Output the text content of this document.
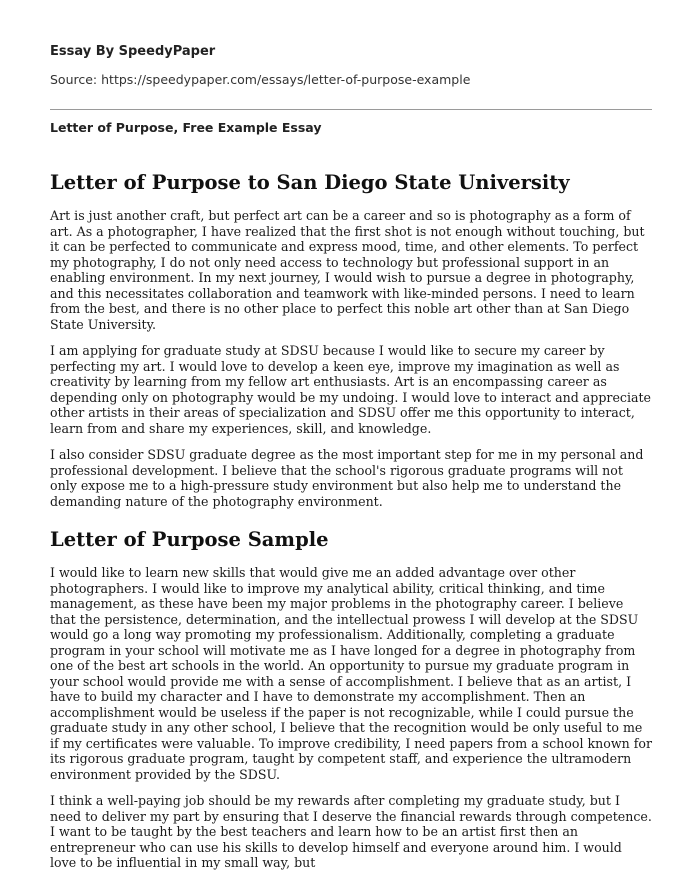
Essay By SpeedyPaper

Source: https://speedypaper.com/essays/letter-of-purpose-example

Letter of Purpose, Free Example Essay

Letter of Purpose to San Diego State University

Art is just another craft, but perfect art can be a career and so is photography as a form of art. As a photographer, I have realized that the first shot is not enough without touching, but it can be perfected to communicate and express mood, time, and other elements. To perfect my photography, I do not only need access to technology but professional support in an enabling environment. In my next journey, I would wish to pursue a degree in photography, and this necessitates collaboration and teamwork with like-minded persons. I need to learn from the best, and there is no other place to perfect this noble art other than at San Diego State University.

I am applying for graduate study at SDSU because I would like to secure my career by perfecting my art. I would love to develop a keen eye, improve my imagination as well as creativity by learning from my fellow art enthusiasts. Art is an encompassing career as depending only on photography would be my undoing. I would love to interact and appreciate other artists in their areas of specialization and SDSU offer me this opportunity to interact, learn from and share my experiences, skill, and knowledge.

I also consider SDSU graduate degree as the most important step for me in my personal and professional development. I believe that the school's rigorous graduate programs will not only expose me to a high-pressure study environment but also help me to understand the demanding nature of the photography environment.

Letter of Purpose Sample

I would like to learn new skills that would give me an added advantage over other photographers. I would like to improve my analytical ability, critical thinking, and time management, as these have been my major problems in the photography career. I believe that the persistence, determination, and the intellectual prowess I will develop at the SDSU would go a long way promoting my professionalism. Additionally, completing a graduate program in your school will motivate me as I have longed for a degree in photography from one of the best art schools in the world. An opportunity to pursue my graduate program in your school would provide me with a sense of accomplishment. I believe that as an artist, I have to build my character and I have to demonstrate my accomplishment. Then an accomplishment would be useless if the paper is not recognizable, while I could pursue the graduate study in any other school, I believe that the recognition would be only useful to me if my certificates were valuable. To improve credibility, I need papers from a school known for its rigorous graduate program, taught by competent staff, and experience the ultramodern environment provided by the SDSU.

I think a well-paying job should be my rewards after completing my graduate study, but I need to deliver my part by ensuring that I deserve the financial rewards through competence. I want to be taught by the best teachers and learn how to be an artist first then an entrepreneur who can use his skills to develop himself and everyone around him. I would love to be influential in my small way, but
